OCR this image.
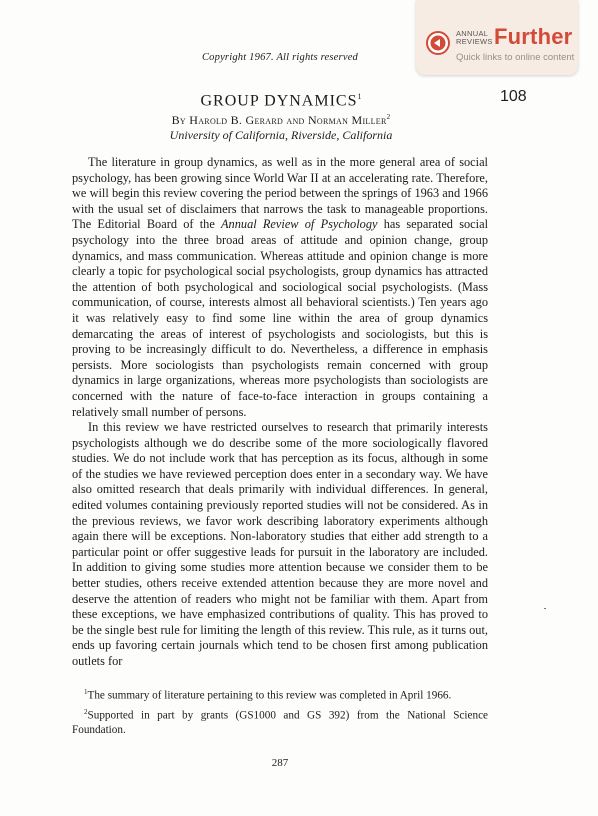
Copyright 1967. All rights reserved
ANNUAL
REVIEWS Further
Quick links to online content
108
GROUP DYNAMICS$^1$
By Harold B. Gerard and Norman Miller$^2$
University of California, Riverside, California

The literature in group dynamics, as well as in the more general area of social psychology, has been growing since World War II at an accelerating rate. Therefore, we will begin this review covering the period between the springs of 1963 and 1966 with the usual set of disclaimers that narrows the task to manageable proportions. The Editorial Board of the Annual Review of Psychology has separated social psychology into the three broad areas of attitude and opinion change, group dynamics, and mass communication. Whereas attitude and opinion change is more clearly a topic for psychological social psychologists, group dynamics has attracted the attention of both psychological and sociological social psychologists. (Mass communication, of course, interests almost all behavioral scientists.) Ten years ago it was relatively easy to find some line within the area of group dynamics demarcating the areas of interest of psychologists and sociologists, but this is proving to be increasingly difficult to do. Nevertheless, a difference in emphasis persists. More sociologists than psychologists remain concerned with group dynamics in large organizations, whereas more psychologists than sociologists are concerned with the nature of face-to-face interaction in groups containing a relatively small number of persons.

In this review we have restricted ourselves to research that primarily interests psychologists although we do describe some of the more sociologically flavored studies. We do not include work that has perception as its focus, although in some of the studies we have reviewed perception does enter in a secondary way. We have also omitted research that deals primarily with individual differences. In general, edited volumes containing previously reported studies will not be considered. As in the previous reviews, we favor work describing laboratory experiments although again there will be exceptions. Non-laboratory studies that either add strength to a particular point or offer suggestive leads for pursuit in the laboratory are included. In addition to giving some studies more attention because we consider them to be better studies, others receive extended attention because they are more novel and deserve the attention of readers who might not be familiar with them. Apart from these exceptions, we have emphasized contributions of quality. This has proved to be the single best rule for limiting the length of this review. This rule, as it turns out, ends up favoring certain journals which tend to be chosen first among publication outlets for

$^1$The summary of literature pertaining to this review was completed in April 1966.

$^2$Supported in part by grants (GS1000 and GS 392) from the National Science Foundation.

287
